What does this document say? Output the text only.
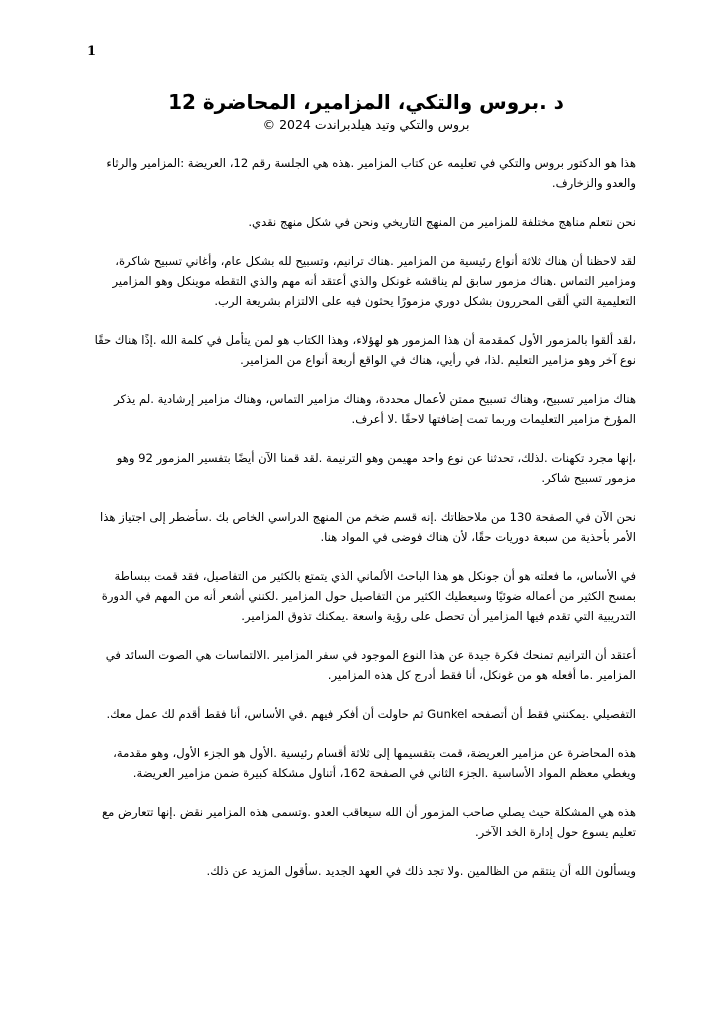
1
د .بروس والتكي، المزامير، المحاضرة 12

بروس والتكي وتيد هيلدبراندت 2024 ©

هذا هو الدكتور بروس والتكي في تعليمه عن كتاب المزامير .هذه هي الجلسة رقم 12، العريضة :المزامير والرثاء والعدو والزخارف.

نحن نتعلم مناهج مختلفة للمزامير من المنهج التاريخي ونحن في شكل منهج نقدي.

لقد لاحظنا أن هناك ثلاثة أنواع رئيسية من المزامير .هناك ترانيم، وتسبيح لله بشكل عام، وأغاني تسبيح شاكرة، ومزامير التماس .هناك مزمور سابق لم يناقشه غونكل والذي أعتقد أنه مهم والذي التقطه موينكل وهو المزامير التعليمية التي ألقى المحررون بشكل دوري مزمورًا يحثون فيه على الالتزام بشريعة الرب.

،لقد ألقوا بالمزمور الأول كمقدمة أن هذا المزمور هو لهؤلاء، وهذا الكتاب هو لمن يتأمل في كلمة الله .إذًا هناك حقًا نوع آخر وهو مزامير التعليم .لذا، في رأيي، هناك في الواقع أربعة أنواع من المزامير.

هناك مزامير تسبيح، وهناك تسبيح ممتن لأعمال محددة، وهناك مزامير التماس، وهناك مزامير إرشادية .لم يذكر المؤرخ مزامير التعليمات وربما تمت إضافتها لاحقًا .لا أعرف.

،إنها مجرد تكهنات .لذلك، تحدثنا عن نوع واحد مهيمن وهو الترنيمة .لقد قمنا الآن أيضًا بتفسير المزمور 92 وهو مزمور تسبيح شاكر.

نحن الآن في الصفحة 130 من ملاحظاتك .إنه قسم ضخم من المنهج الدراسي الخاص بك .سأضطر إلى اجتياز هذا الأمر بأحذية من سبعة دوريات حقًا، لأن هناك فوضى في المواد هنا.

في الأساس، ما فعلته هو أن جونكل هو هذا الباحث الألماني الذي يتمتع بالكثير من التفاصيل، فقد قمت ببساطة بمسح الكثير من أعماله ضوئيًا وسيعطيك الكثير من التفاصيل حول المزامير .لكنني أشعر أنه من المهم في الدورة التدريبية التي تقدم فيها المزامير أن تحصل على رؤية واسعة .يمكنك تذوق المزامير.

أعتقد أن الترانيم تمنحك فكرة جيدة عن هذا النوع الموجود في سفر المزامير .الالتماسات هي الصوت السائد في المزامير .ما أفعله هو من غونكل، أنا فقط أدرج كل هذه المزامير.

التفصيلي .يمكنني فقط أن أتصفحه Gunkel ثم حاولت أن أفكر فيهم .في الأساس، أنا فقط أقدم لك عمل معك.

هذه المحاضرة عن مزامير العريضة، قمت بتقسيمها إلى ثلاثة أقسام رئيسية .الأول هو الجزء الأول، وهو مقدمة، ويغطي معظم المواد الأساسية .الجزء الثاني في الصفحة 162، أتناول مشكلة كبيرة ضمن مزامير العريضة.

هذه هي المشكلة حيث يصلي صاحب المزمور أن الله سيعاقب العدو .وتسمى هذه المزامير نقض .إنها تتعارض مع تعليم يسوع حول إدارة الخد الآخر.

ويسألون الله أن ينتقم من الظالمين .ولا تجد ذلك في العهد الجديد .سأقول المزيد عن ذلك.
